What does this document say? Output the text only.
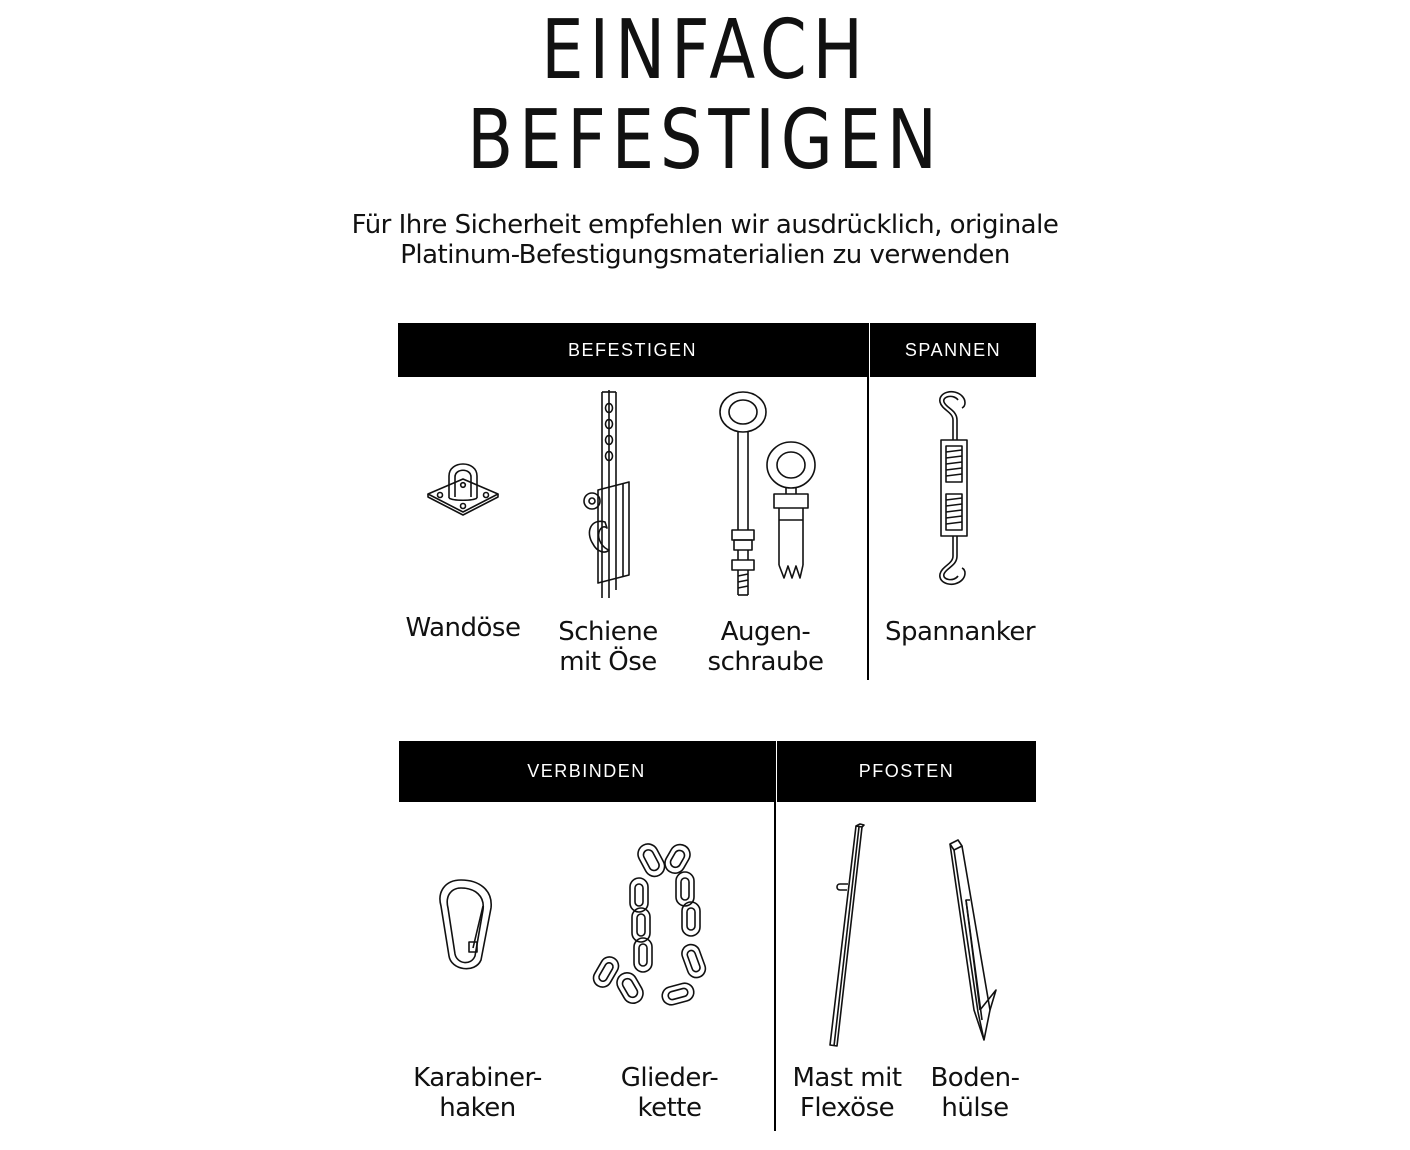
EINFACH
BEFESTIGEN
Für Ihre Sicherheit empfehlen wir ausdrücklich, originale
Platinum-Befestigungsmaterialien zu verwenden
BEFESTIGEN	SPANNEN
VERBINDEN	PFOSTEN
Wandöse	Schiene
mit Öse
Augen-
schraube
Spannanker
Karabiner-
haken
Glieder-
kette
Mast mit
Flexöse
Boden-
hülse
